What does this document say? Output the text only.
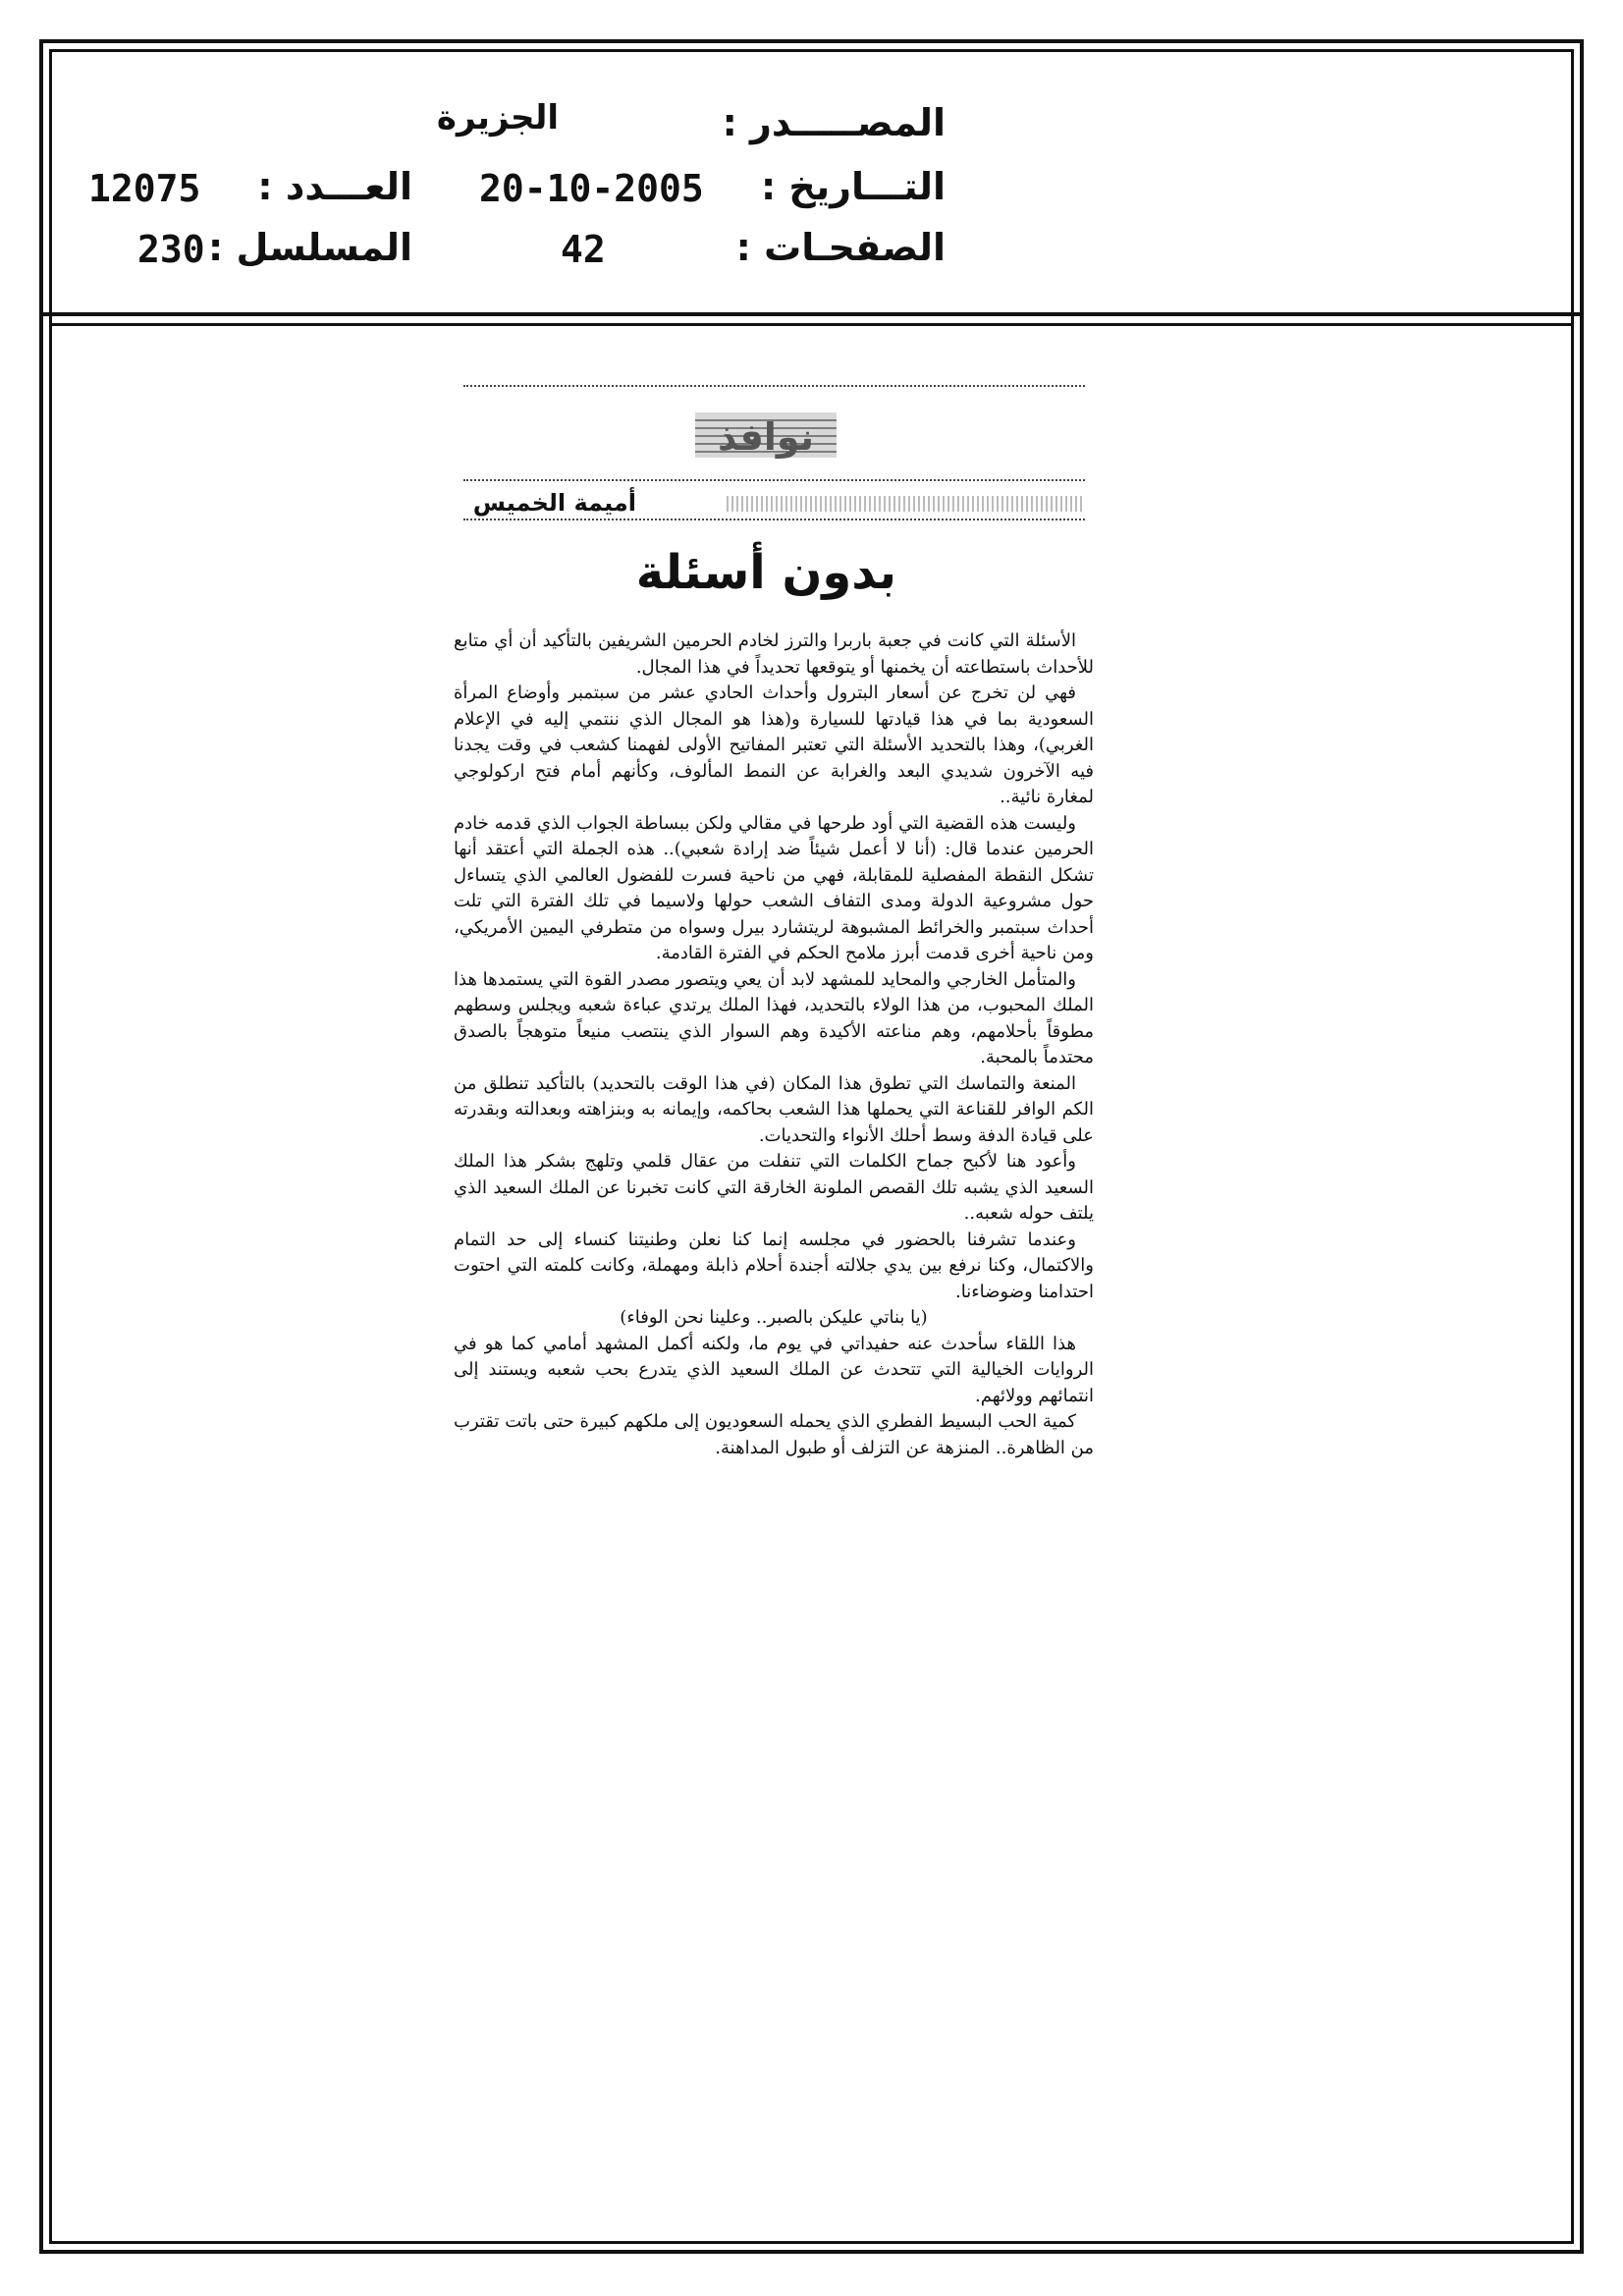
المصـــــدر :
الجزيرة
التـــاريخ :
20-10-2005
الصفحـات :
42
العـــدد :
12075
المسلسل :
230
نوافذ
أميمة الخميس
بدون أسئلة

الأسئلة التي كانت في جعبة باربرا والترز لخادم الحرمين الشريفين بالتأكيد أن أي متابع للأحداث باستطاعته أن يخمنها أو يتوقعها تحديداً في هذا المجال.

فهي لن تخرج عن أسعار البترول وأحداث الحادي عشر من سبتمبر وأوضاع المرأة السعودية بما في هذا قيادتها للسيارة و(هذا هو المجال الذي ننتمي إليه في الإعلام الغربي)، وهذا بالتحديد الأسئلة التي تعتبر المفاتيح الأولى لفهمنا كشعب في وقت يجدنا فيه الآخرون شديدي البعد والغرابة عن النمط المألوف، وكأنهم أمام فتح اركولوجي لمغارة نائية..

وليست هذه القضية التي أود طرحها في مقالي ولكن ببساطة الجواب الذي قدمه خادم الحرمين عندما قال: (أنا لا أعمل شيئاً ضد إرادة شعبي).. هذه الجملة التي أعتقد أنها تشكل النقطة المفصلية للمقابلة، فهي من ناحية فسرت للفضول العالمي الذي يتساءل حول مشروعية الدولة ومدى التفاف الشعب حولها ولاسيما في تلك الفترة التي تلت أحداث سبتمبر والخرائط المشبوهة لريتشارد بيرل وسواه من متطرفي اليمين الأمريكي، ومن ناحية أخرى قدمت أبرز ملامح الحكم في الفترة القادمة.

والمتأمل الخارجي والمحايد للمشهد لابد أن يعي ويتصور مصدر القوة التي يستمدها هذا الملك المحبوب، من هذا الولاء بالتحديد، فهذا الملك يرتدي عباءة شعبه ويجلس وسطهم مطوقاً بأحلامهم، وهم مناعته الأكيدة وهم السوار الذي ينتصب منيعاً متوهجاً بالصدق محتدماً بالمحبة.

المنعة والتماسك التي تطوق هذا المكان (في هذا الوقت بالتحديد) بالتأكيد تنطلق من الكم الوافر للقناعة التي يحملها هذا الشعب بحاكمه، وإيمانه به وبنزاهته وبعدالته وبقدرته على قيادة الدفة وسط أحلك الأنواء والتحديات.

وأعود هنا لأكبح جماح الكلمات التي تنفلت من عقال قلمي وتلهج بشكر هذا الملك السعيد الذي يشبه تلك القصص الملونة الخارقة التي كانت تخبرنا عن الملك السعيد الذي يلتف حوله شعبه..

وعندما تشرفنا بالحضور في مجلسه إنما كنا نعلن وطنيتنا كنساء إلى حد التمام والاكتمال، وكنا نرفع بين يدي جلالته أجندة أحلام ذابلة ومهملة، وكانت كلمته التي احتوت احتدامنا وضوضاءنا.

(يا بناتي عليكن بالصبر.. وعلينا نحن الوفاء)

هذا اللقاء سأحدث عنه حفيداتي في يوم ما، ولكنه أكمل المشهد أمامي كما هو في الروايات الخيالية التي تتحدث عن الملك السعيد الذي يتدرع بحب شعبه ويستند إلى انتمائهم وولائهم.

كمية الحب البسيط الفطري الذي يحمله السعوديون إلى ملكهم كبيرة حتى باتت تقترب من الظاهرة.. المنزهة عن التزلف أو طبول المداهنة.
